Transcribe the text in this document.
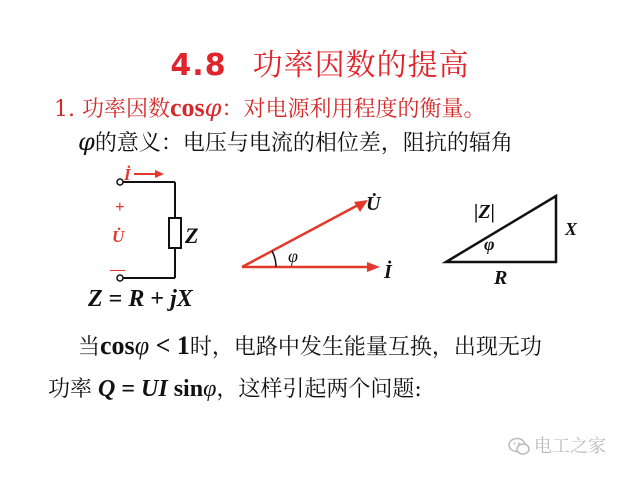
4.8 功率因数的提高
1. 功率因数cosφ：对电源利用程度的衡量。
φ的意义：电压与电流的相位差，阻抗的辐角
İ
+
U̇
—
Z
U̇
İ
φ
|Z|
X
R
φ
Z = R + jX
当cosφ < 1时，电路中发生能量互换，出现无功
功率 Q = UI sinφ，这样引起两个问题:
电工之家
